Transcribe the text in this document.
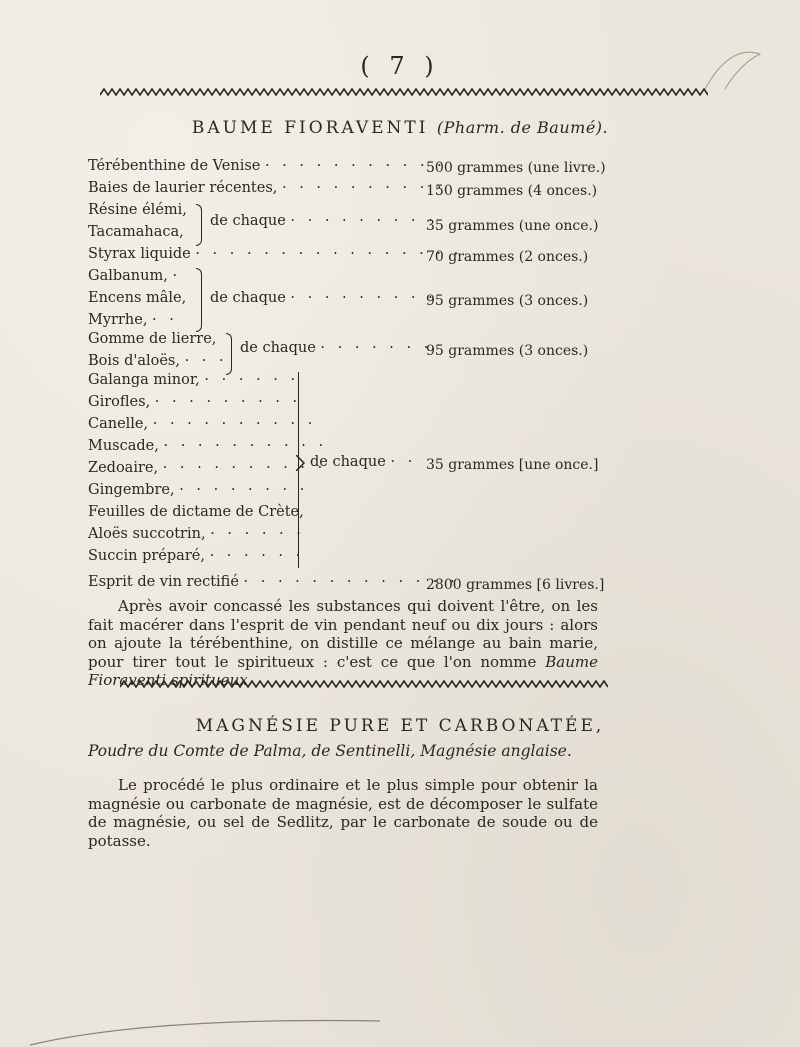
( 7 )
BAUME FIORAVENTI (Pharm. de Baumé).
Térébenthine de Venise · · · · · · · · · · ·
500 grammes (une livre.)
Baies de laurier récentes, · · · · · · · · · ·
150 grammes (4 onces.)
Résine élémi,
Tacamahaca,
de chaque · · · · · · · · ·
35 grammes (une once.)
Styrax liquide · · · · · · · · · · · · · · · ·
70 grammes (2 onces.)
Galbanum, ·
Encens mâle,
Myrrhe, · ·
de chaque · · · · · · · · ·
95 grammes (3 onces.)
Gomme de lierre,
Bois d'aloës, · · ·
de chaque · · · · · · ·
95 grammes (3 onces.)
Galanga minor, · · · · · ·
Girofles, · · · · · · · · ·
Canelle, · · · · · · · · · ·
Muscade, · · · · · · · · · ·
Zedoaire, · · · · · · · · · ·
Gingembre, · · · · · · · ·
Feuilles de dictame de Crète,
Aloës succotrin, · · · · · ·
Succin préparé, · · · · · ·
de chaque · · 35 grammes [une once.]
Esprit de vin rectifié · · · · · · · · · · · · ·
2800 grammes [6 livres.]
Après avoir concassé les substances qui doivent l'être, on les fait macérer dans l'esprit de vin pendant neuf ou dix jours : alors on ajoute la térébenthine, on distille ce mélange au bain marie, pour tirer tout le spiritueux : c'est ce que l'on nomme Baume Fioraventi spiritueux.
MAGNÉSIE PURE ET CARBONATÉE,
Poudre du Comte de Palma, de Sentinelli, Magnésie anglaise.
Le procédé le plus ordinaire et le plus simple pour obtenir la magnésie ou carbonate de magnésie, est de décomposer le sulfate de magnésie, ou sel de Sedlitz, par le carbonate de soude ou de potasse.
